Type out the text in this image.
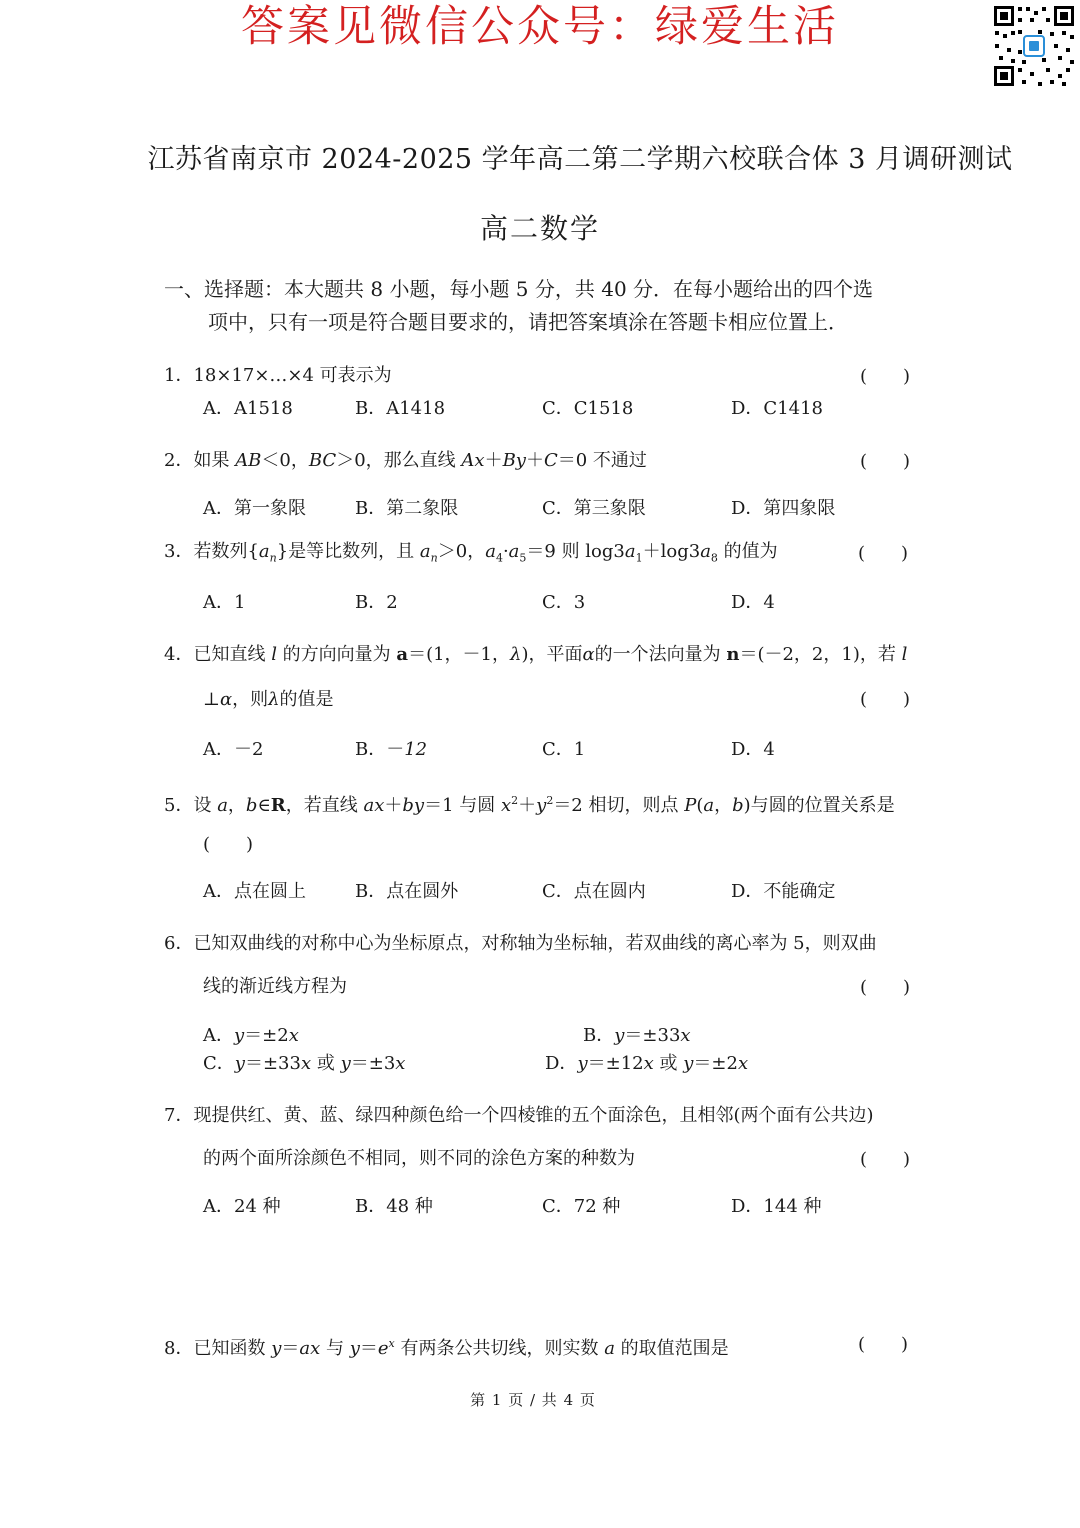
答案见微信公众号：绿爱生活
江苏省南京市 2024-2025 学年高二第二学期六校联合体 3 月调研测试
高二数学
一、选择题：本大题共 8 小题，每小题 5 分，共 40 分．在每小题给出的四个选
项中，只有一项是符合题目要求的，请把答案填涂在答题卡相应位置上．
1．18×17×…×4 可表示为	(　　)
A．A1518	B．A1418	C．C1518	D．C1418
2．如果 AB＜0，BC＞0，那么直线 Ax＋By＋C＝0 不通过	(　　)
A．第一象限	B．第二象限	C．第三象限	D．第四象限
3．若数列$\{a_n\}$是等比数列，且 $a_n>0$，$a_4\cdot a_5=9$ 则 $\log 3a_1+\log 3a_8$ 的值为	(　　)
A．1	B．2	C．3	D．4
4．已知直线 l 的方向向量为 a＝(1，－1，λ)，平面α的一个法向量为 n＝(－2，2，1)，若 l
⊥α，则λ的值是	(　　)
A．－2	B．－12	C．1	D．4
5．设 a，b∈R，若直线 ax＋by＝1 与圆 $x^2+y^2=2$ 相切，则点 P(a，b)与圆的位置关系是
(　　)
A．点在圆上	B．点在圆外	C．点在圆内	D．不能确定
6．已知双曲线的对称中心为坐标原点，对称轴为坐标轴，若双曲线的离心率为 5，则双曲
线的渐近线方程为	(　　)
A．y＝±2x	B．y＝±33x
C．y＝±33x 或 y＝±3x	D．y＝±12x 或 y＝±2x
7．现提供红、黄、蓝、绿四种颜色给一个四棱锥的五个面涂色，且相邻(两个面有公共边)
的两个面所涂颜色不相同，则不同的涂色方案的种数为	(　　)
A．24 种	B．48 种	C．72 种	D．144 种
8．已知函数 y＝ax 与 $y=e^x$ 有两条公共切线，则实数 a 的取值范围是	(　　)
第 1 页 / 共 4 页
